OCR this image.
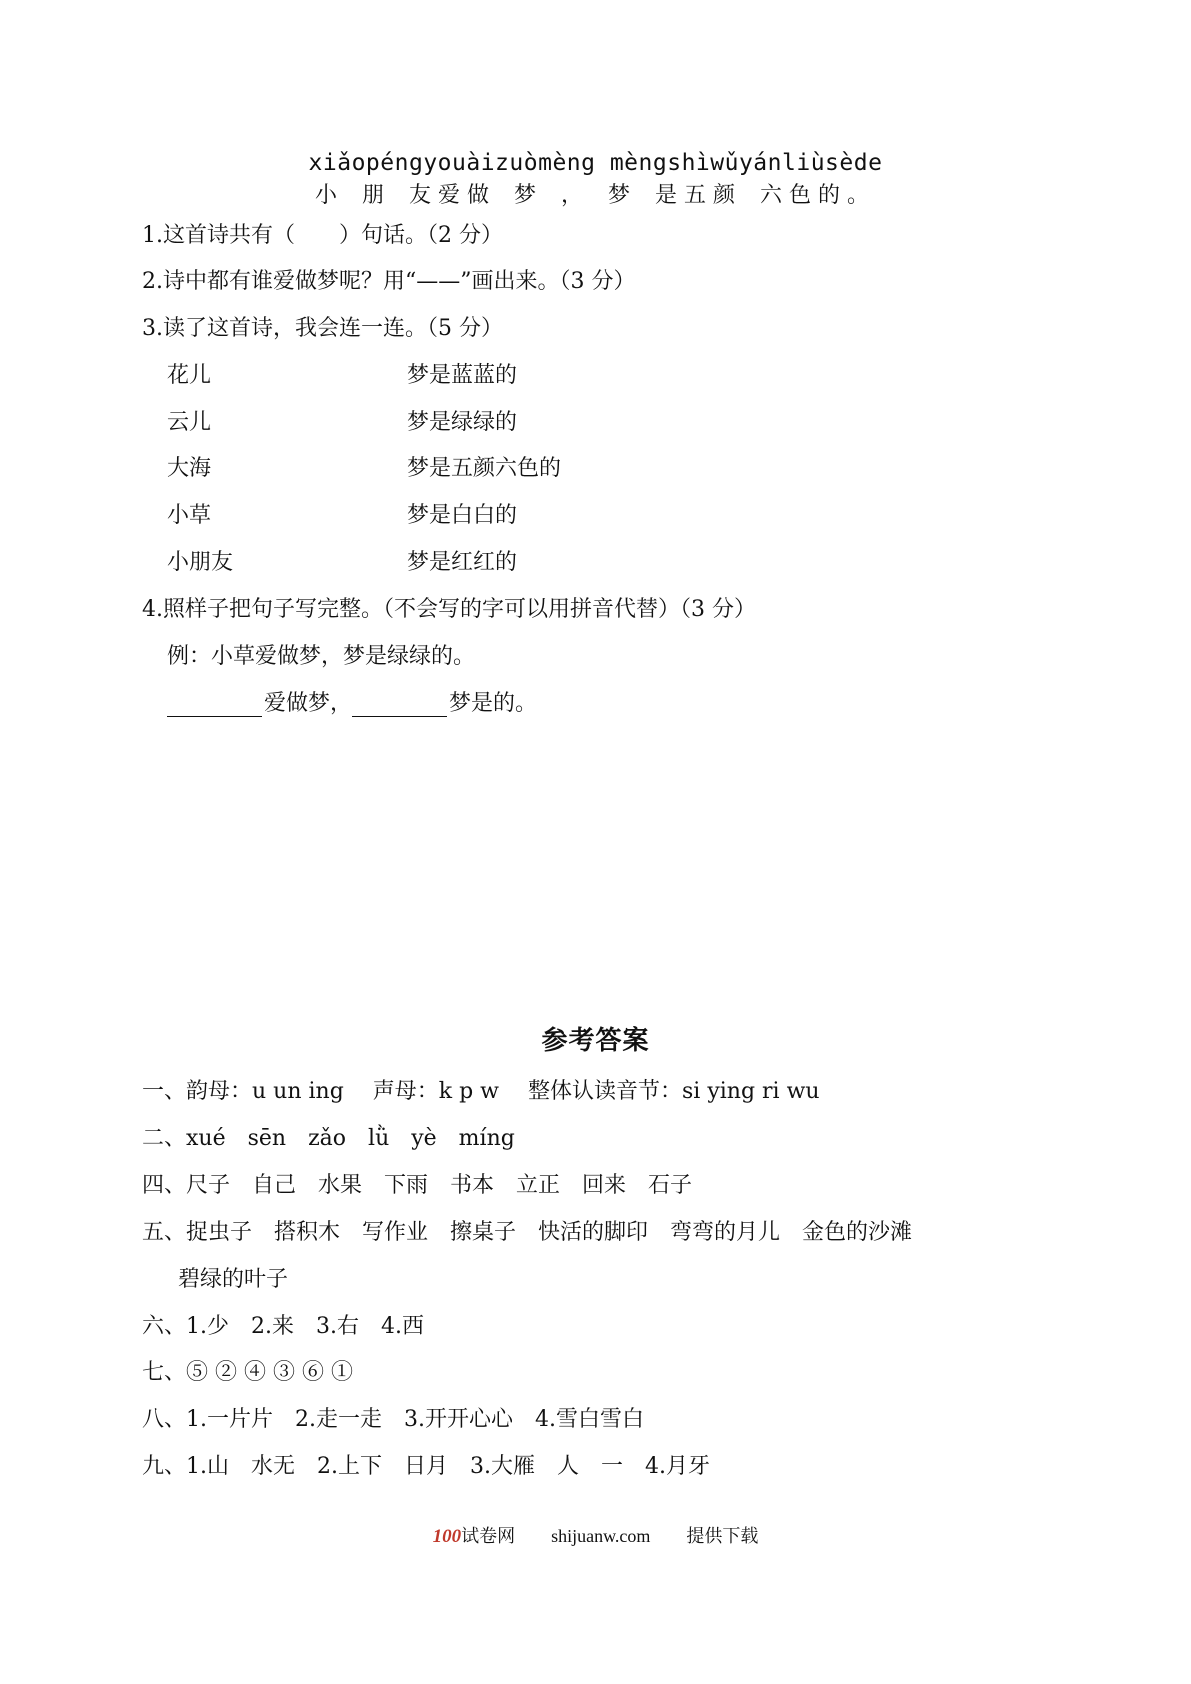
xiǎopéngyouàizuòmèng mèngshìwǔyánliùsède
小 朋 友爱做 梦 ， 梦 是五颜 六色的。
1.这首诗共有（　　）句话。（2 分）
2.诗中都有谁爱做梦呢？用“——”画出来。（3 分）
3.读了这首诗，我会连一连。（5 分）
花儿
云儿
大海
小草
小朋友
梦是蓝蓝的
梦是绿绿的
梦是五颜六色的
梦是白白的
梦是红红的
4.照样子把句子写完整。（不会写的字可以用拼音代替）（3 分）
例：小草爱做梦，梦是绿绿的。
爱做梦，	梦是的。
参考答案
一、韵母：u un ing　 声母：k p w　 整体认读音节：si ying ri wu
二、xué　sēn　zǎo　lǜ　yè　míng
四、尺子　自己　水果　下雨　书本　立正　回来　石子
五、捉虫子　搭积木　写作业　擦桌子　快活的脚印　弯弯的月儿　金色的沙滩
碧绿的叶子
六、1.少　2.来　3.右　4.西
七、⑤ ② ④ ③ ⑥ ①
八、1.一片片　2.走一走　3.开开心心　4.雪白雪白
九、1.山　水无　2.上下　日月　3.大雁　人　一　4.月牙
100试卷网 shijuanw.com 提供下载
